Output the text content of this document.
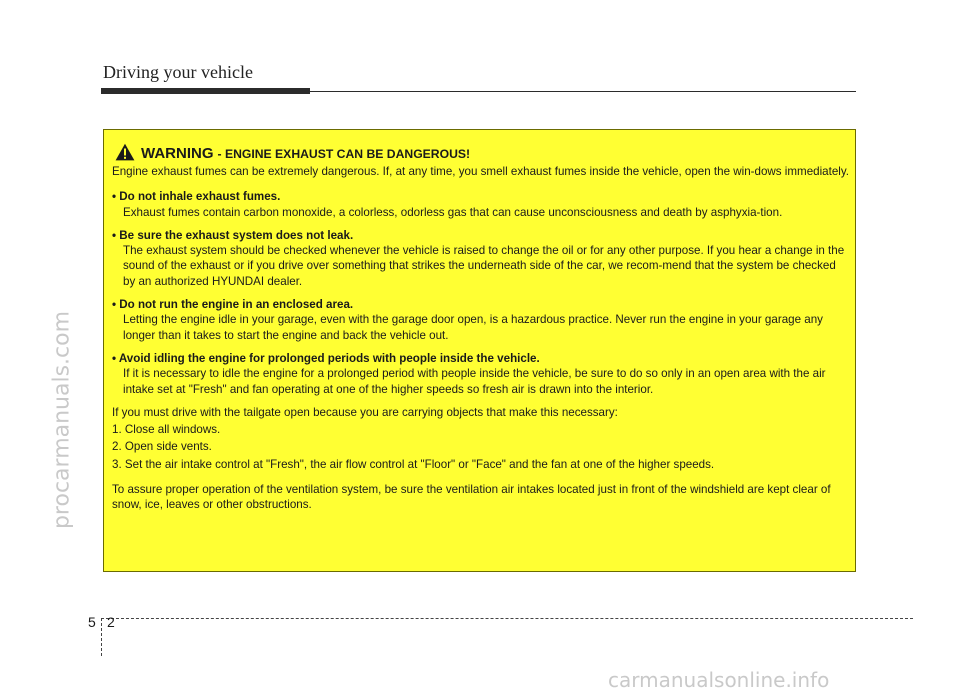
Driving your vehicle
procarmanuals.com
WARNING - ENGINE EXHAUST CAN BE DANGEROUS!

Engine exhaust fumes can be extremely dangerous. If, at any time, you smell exhaust fumes inside the vehicle, open the win-dows immediately.

• Do not inhale exhaust fumes.
Exhaust fumes contain carbon monoxide, a colorless, odorless gas that can cause unconsciousness and death by asphyxia-tion.
• Be sure the exhaust system does not leak.
The exhaust system should be checked whenever the vehicle is raised to change the oil or for any other purpose. If you hear a change in the sound of the exhaust or if you drive over something that strikes the underneath side of the car, we recom-mend that the system be checked by an authorized HYUNDAI dealer.
• Do not run the engine in an enclosed area.
Letting the engine idle in your garage, even with the garage door open, is a hazardous practice. Never run the engine in your garage any longer than it takes to start the engine and back the vehicle out.
• Avoid idling the engine for prolonged periods with people inside the vehicle.
If it is necessary to idle the engine for a prolonged period with people inside the vehicle, be sure to do so only in an open area with the air intake set at "Fresh" and fan operating at one of the higher speeds so fresh air is drawn into the interior.
If you must drive with the tailgate open because you are carrying objects that make this necessary:
1. Close all windows.
2. Open side vents.
3. Set the air intake control at "Fresh", the air flow control at "Floor" or "Face" and the fan at one of the higher speeds.

To assure proper operation of the ventilation system, be sure the ventilation air intakes located just in front of the windshield are kept clear of snow, ice, leaves or other obstructions.

5 2
carmanualsonline.info
